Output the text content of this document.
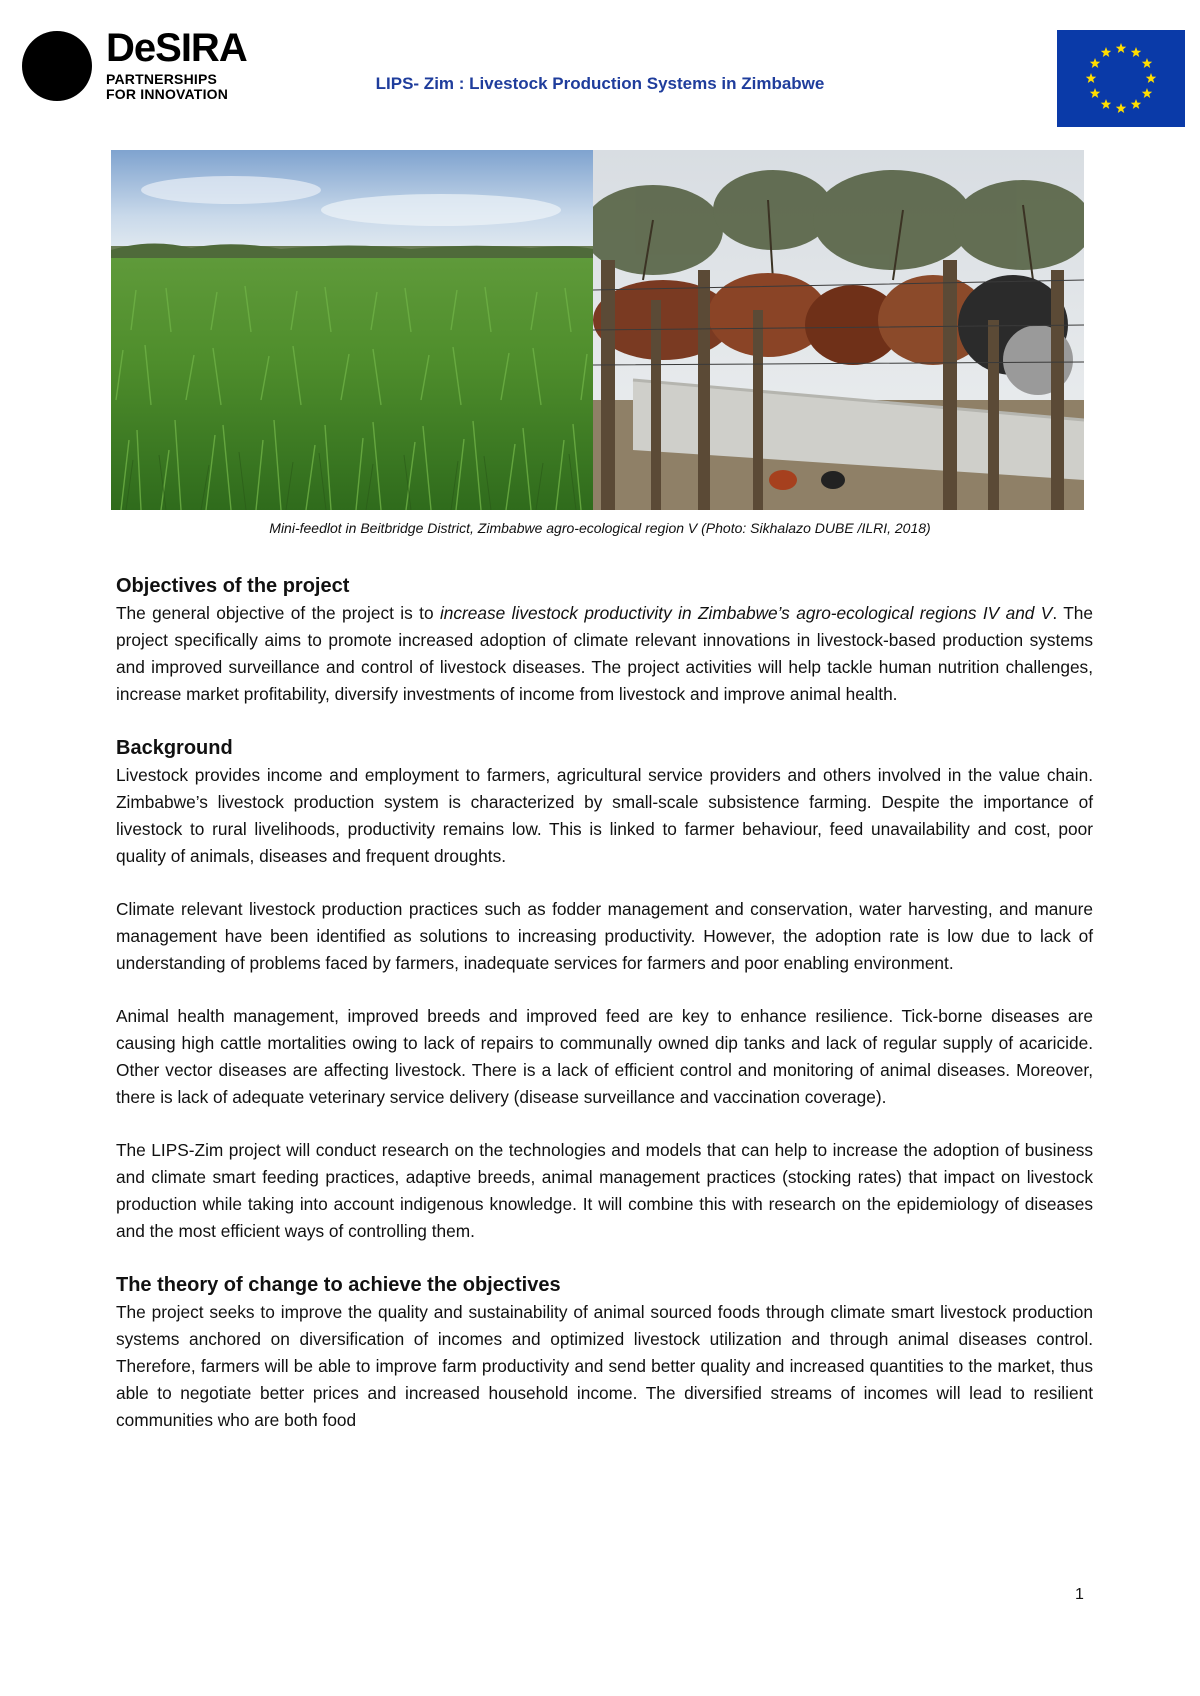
DeSIRA
PARTNERSHIPS
FOR INNOVATION
LIPS- Zim : Livestock Production Systems in Zimbabwe
Mini-feedlot in Beitbridge District, Zimbabwe agro-ecological region V (Photo: Sikhalazo DUBE /ILRI, 2018)
Objectives of the project

The general objective of the project is to increase livestock productivity in Zimbabwe’s agro-ecological regions IV and V. The project specifically aims to promote increased adoption of climate relevant innovations in livestock-based production systems and improved surveillance and control of livestock diseases. The project activities will help tackle human nutrition challenges, increase market profitability, diversify investments of income from livestock and improve animal health.

Background

Livestock provides income and employment to farmers, agricultural service providers and others involved in the value chain. Zimbabwe’s livestock production system is characterized by small-scale subsistence farming. Despite the importance of livestock to rural livelihoods, productivity remains low. This is linked to farmer behaviour, feed unavailability and cost, poor quality of animals, diseases and frequent droughts.

Climate relevant livestock production practices such as fodder management and conservation, water harvesting, and manure management have been identified as solutions to increasing productivity. However, the adoption rate is low due to lack of understanding of problems faced by farmers, inadequate services for farmers and poor enabling environment.

Animal health management, improved breeds and improved feed are key to enhance resilience. Tick-borne diseases are causing high cattle mortalities owing to lack of repairs to communally owned dip tanks and lack of regular supply of acaricide. Other vector diseases are affecting livestock. There is a lack of efficient control and monitoring of animal diseases. Moreover, there is lack of adequate veterinary service delivery (disease surveillance and vaccination coverage).

The LIPS-Zim project will conduct research on the technologies and models that can help to increase the adoption of business and climate smart feeding practices, adaptive breeds, animal management practices (stocking rates) that impact on livestock production while taking into account indigenous knowledge. It will combine this with research on the epidemiology of diseases and the most efficient ways of controlling them.

The theory of change to achieve the objectives

The project seeks to improve the quality and sustainability of animal sourced foods through climate smart livestock production systems anchored on diversification of incomes and optimized livestock utilization and through animal diseases control. Therefore, farmers will be able to improve farm productivity and send better quality and increased quantities to the market, thus able to negotiate better prices and increased household income. The diversified streams of incomes will lead to resilient communities who are both food

1
